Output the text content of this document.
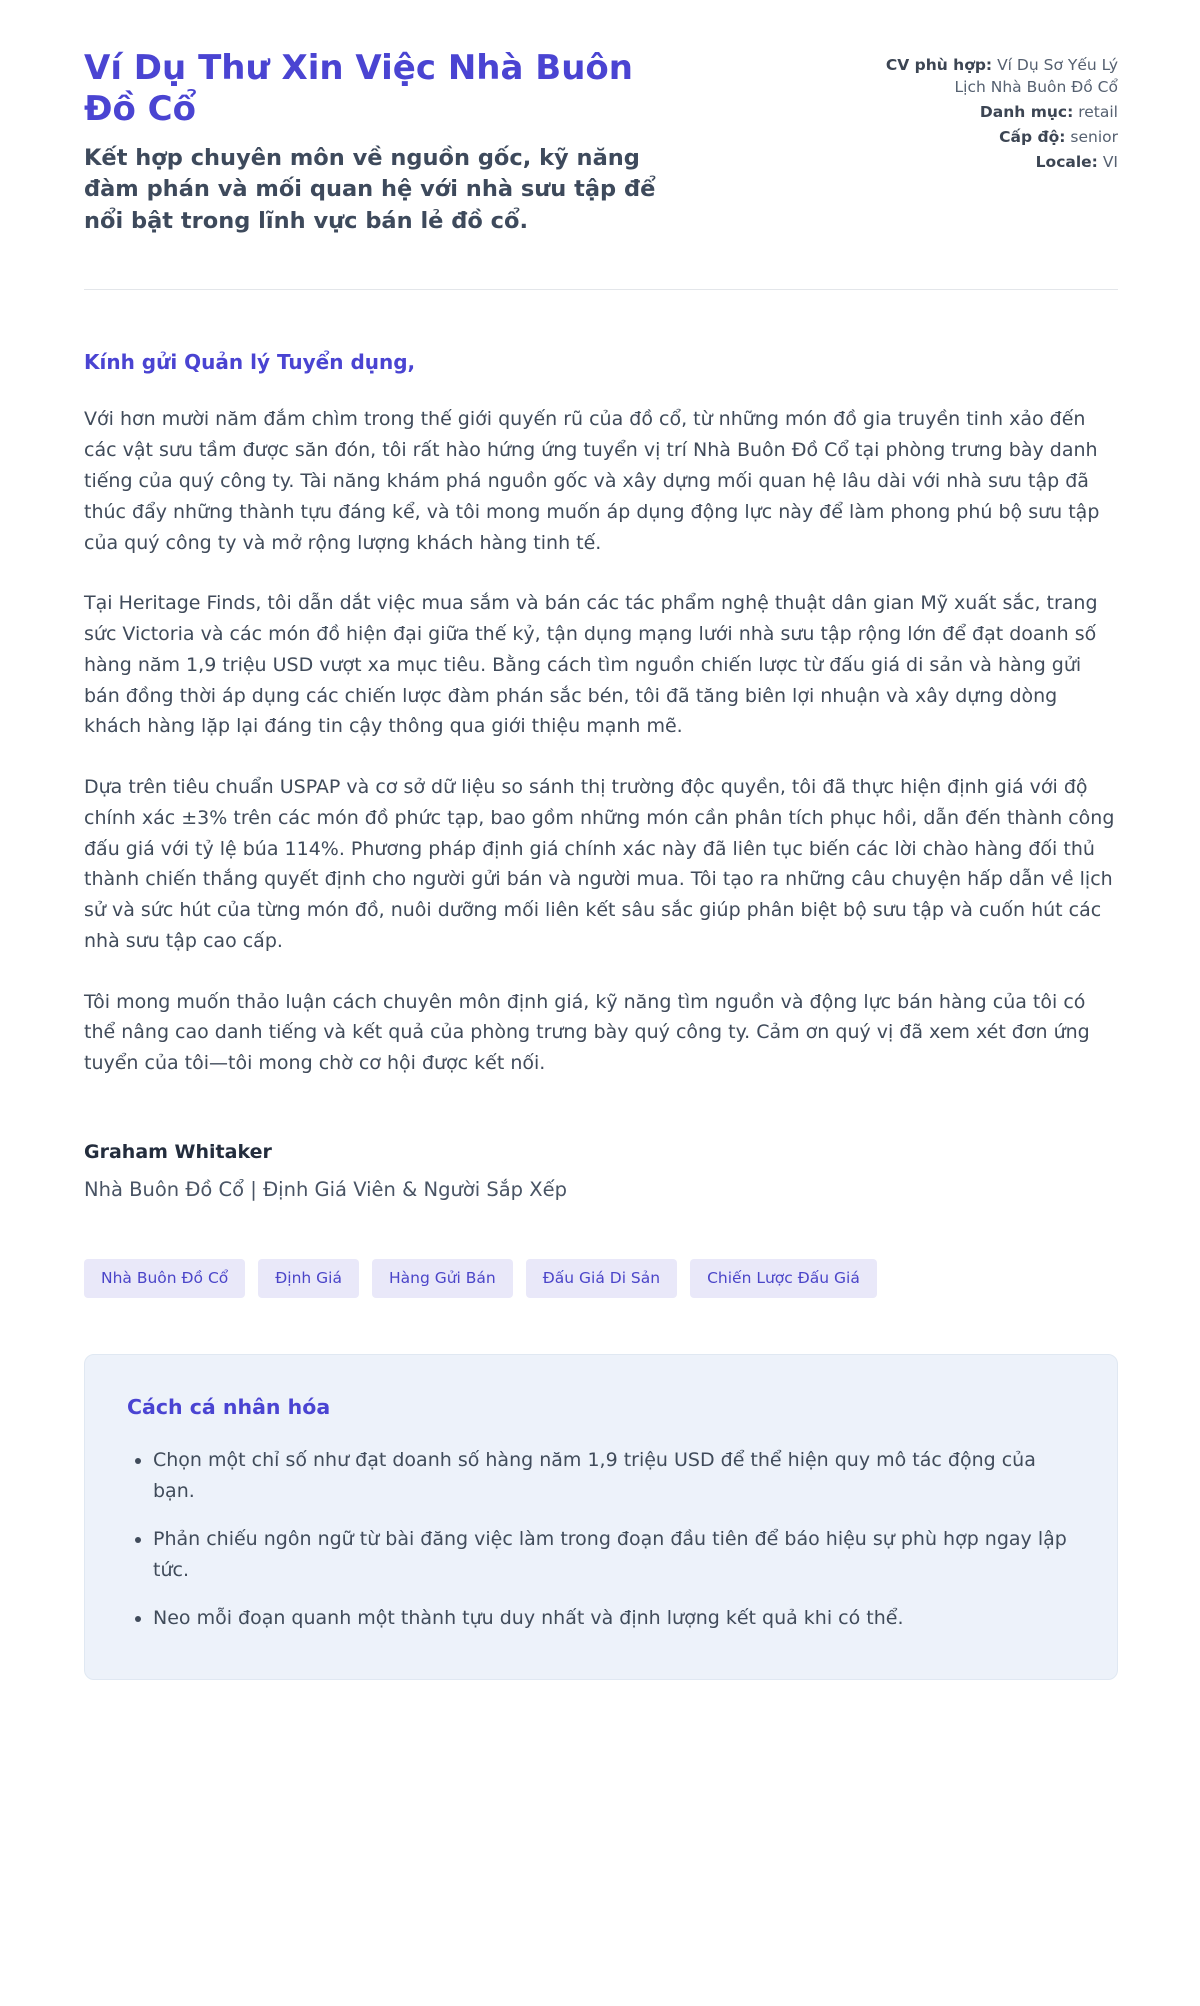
Ví Dụ Thư Xin Việc Nhà Buôn Đồ Cổ

Kết hợp chuyên môn về nguồn gốc, kỹ năng đàm phán và mối quan hệ với nhà sưu tập để nổi bật trong lĩnh vực bán lẻ đồ cổ.

CV phù hợp: Ví Dụ Sơ Yếu Lý Lịch Nhà Buôn Đồ Cổ
Danh mục: retail
Cấp độ: senior
Locale: VI

Kính gửi Quản lý Tuyển dụng,

Với hơn mười năm đắm chìm trong thế giới quyến rũ của đồ cổ, từ những món đồ gia truyền tinh xảo đến các vật sưu tầm được săn đón, tôi rất hào hứng ứng tuyển vị trí Nhà Buôn Đồ Cổ tại phòng trưng bày danh tiếng của quý công ty. Tài năng khám phá nguồn gốc và xây dựng mối quan hệ lâu dài với nhà sưu tập đã thúc đẩy những thành tựu đáng kể, và tôi mong muốn áp dụng động lực này để làm phong phú bộ sưu tập của quý công ty và mở rộng lượng khách hàng tinh tế.

Tại Heritage Finds, tôi dẫn dắt việc mua sắm và bán các tác phẩm nghệ thuật dân gian Mỹ xuất sắc, trang sức Victoria và các món đồ hiện đại giữa thế kỷ, tận dụng mạng lưới nhà sưu tập rộng lớn để đạt doanh số hàng năm 1,9 triệu USD vượt xa mục tiêu. Bằng cách tìm nguồn chiến lược từ đấu giá di sản và hàng gửi bán đồng thời áp dụng các chiến lược đàm phán sắc bén, tôi đã tăng biên lợi nhuận và xây dựng dòng khách hàng lặp lại đáng tin cậy thông qua giới thiệu mạnh mẽ.

Dựa trên tiêu chuẩn USPAP và cơ sở dữ liệu so sánh thị trường độc quyền, tôi đã thực hiện định giá với độ chính xác ±3% trên các món đồ phức tạp, bao gồm những món cần phân tích phục hồi, dẫn đến thành công đấu giá với tỷ lệ búa 114%. Phương pháp định giá chính xác này đã liên tục biến các lời chào hàng đối thủ thành chiến thắng quyết định cho người gửi bán và người mua. Tôi tạo ra những câu chuyện hấp dẫn về lịch sử và sức hút của từng món đồ, nuôi dưỡng mối liên kết sâu sắc giúp phân biệt bộ sưu tập và cuốn hút các nhà sưu tập cao cấp.

Tôi mong muốn thảo luận cách chuyên môn định giá, kỹ năng tìm nguồn và động lực bán hàng của tôi có thể nâng cao danh tiếng và kết quả của phòng trưng bày quý công ty. Cảm ơn quý vị đã xem xét đơn ứng tuyển của tôi—tôi mong chờ cơ hội được kết nối.

Graham Whitaker
Nhà Buôn Đồ Cổ | Định Giá Viên & Người Sắp Xếp
Nhà Buôn Đồ Cổ	Định Giá	Hàng Gửi Bán	Đấu Giá Di Sản	Chiến Lược Đấu Giá
Cách cá nhân hóa
• Chọn một chỉ số như đạt doanh số hàng năm 1,9 triệu USD để thể hiện quy mô tác động của bạn.
• Phản chiếu ngôn ngữ từ bài đăng việc làm trong đoạn đầu tiên để báo hiệu sự phù hợp ngay lập tức.
• Neo mỗi đoạn quanh một thành tựu duy nhất và định lượng kết quả khi có thể.
